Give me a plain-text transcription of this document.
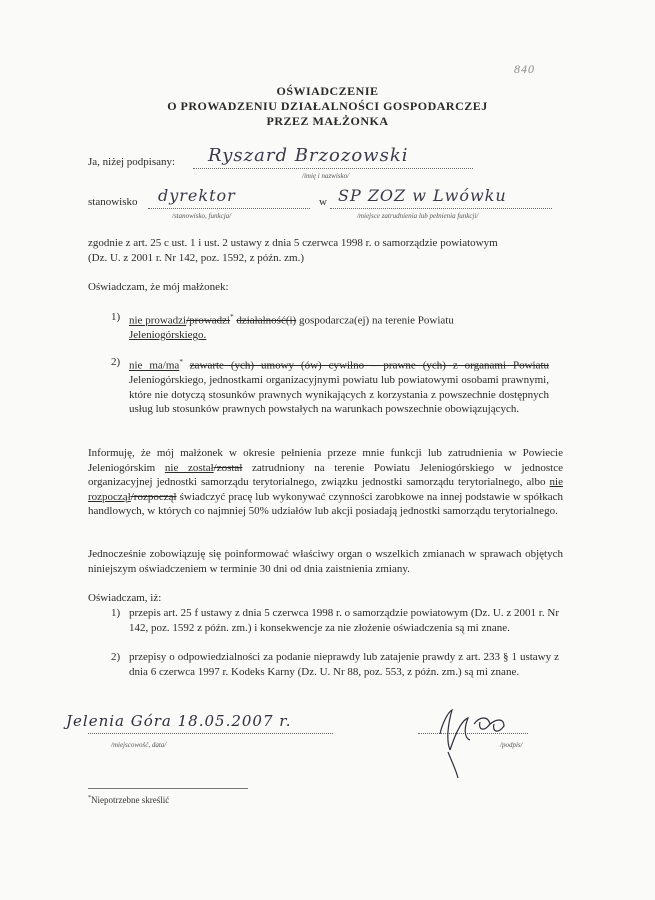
840
OŚWIADCZENIE
O PROWADZENIU DZIAŁALNOŚCI GOSPODARCZEJ
PRZEZ MAŁŻONKA
Ja, niżej podpisany: Ryszard Brzozowski
/imię i nazwisko/
stanowisko dyrektor
/stanowisko, funkcja/
w SP ZOZ w Lwówku
/miejsce zatrudnienia lub pełnienia funkcji/
zgodnie z art. 25 c ust. 1 i ust. 2 ustawy z dnia 5 czerwca 1998 r. o samorządzie powiatowym
(Dz. U. z 2001 r. Nr 142, poz. 1592, z późn. zm.)
Oświadczam, że mój małżonek:
1) nie prowadzi/prowadzi* działalność(i) gospodarcza(ej) na terenie Powiatu
Jeleniogórskiego.
2) nie ma/ma* zawarte (ych) umowy (ów) cywilno – prawne (ych) z organami Powiatu Jeleniogórskiego, jednostkami organizacyjnymi powiatu lub powiatowymi osobami prawnymi, które nie dotyczą stosunków prawnych wynikających z korzystania z powszechnie dostępnych usług lub stosunków prawnych powstałych na warunkach powszechnie obowiązujących.
Informuję, że mój małżonek w okresie pełnienia przeze mnie funkcji lub zatrudnienia w Powiecie Jeleniogórskim nie został/został zatrudniony na terenie Powiatu Jeleniogórskiego w jednostce organizacyjnej jednostki samorządu terytorialnego, związku jednostki samorządu terytorialnego, albo nie rozpoczął/rozpoczął świadczyć pracę lub wykonywać czynności zarobkowe na innej podstawie w spółkach handlowych, w których co najmniej 50% udziałów lub akcji posiadają jednostki samorządu terytorialnego.
Jednocześnie zobowiązuję się poinformować właściwy organ o wszelkich zmianach w sprawach objętych niniejszym oświadczeniem w terminie 30 dni od dnia zaistnienia zmiany.
Oświadczam, iż:
1) przepis art. 25 f ustawy z dnia 5 czerwca 1998 r. o samorządzie powiatowym (Dz. U. z 2001 r. Nr 142, poz. 1592 z późn. zm.) i konsekwencje za nie złożenie oświadczenia są mi znane.
2) przepisy o odpowiedzialności za podanie nieprawdy lub zatajenie prawdy z art. 233 § 1 ustawy z dnia 6 czerwca 1997 r. Kodeks Karny (Dz. U. Nr 88, poz. 553, z późn. zm.) są mi znane.
Jelenia Góra 18.05.2007 r.
/miejscowość, data/	/podpis/
*Niepotrzebne skreślić
